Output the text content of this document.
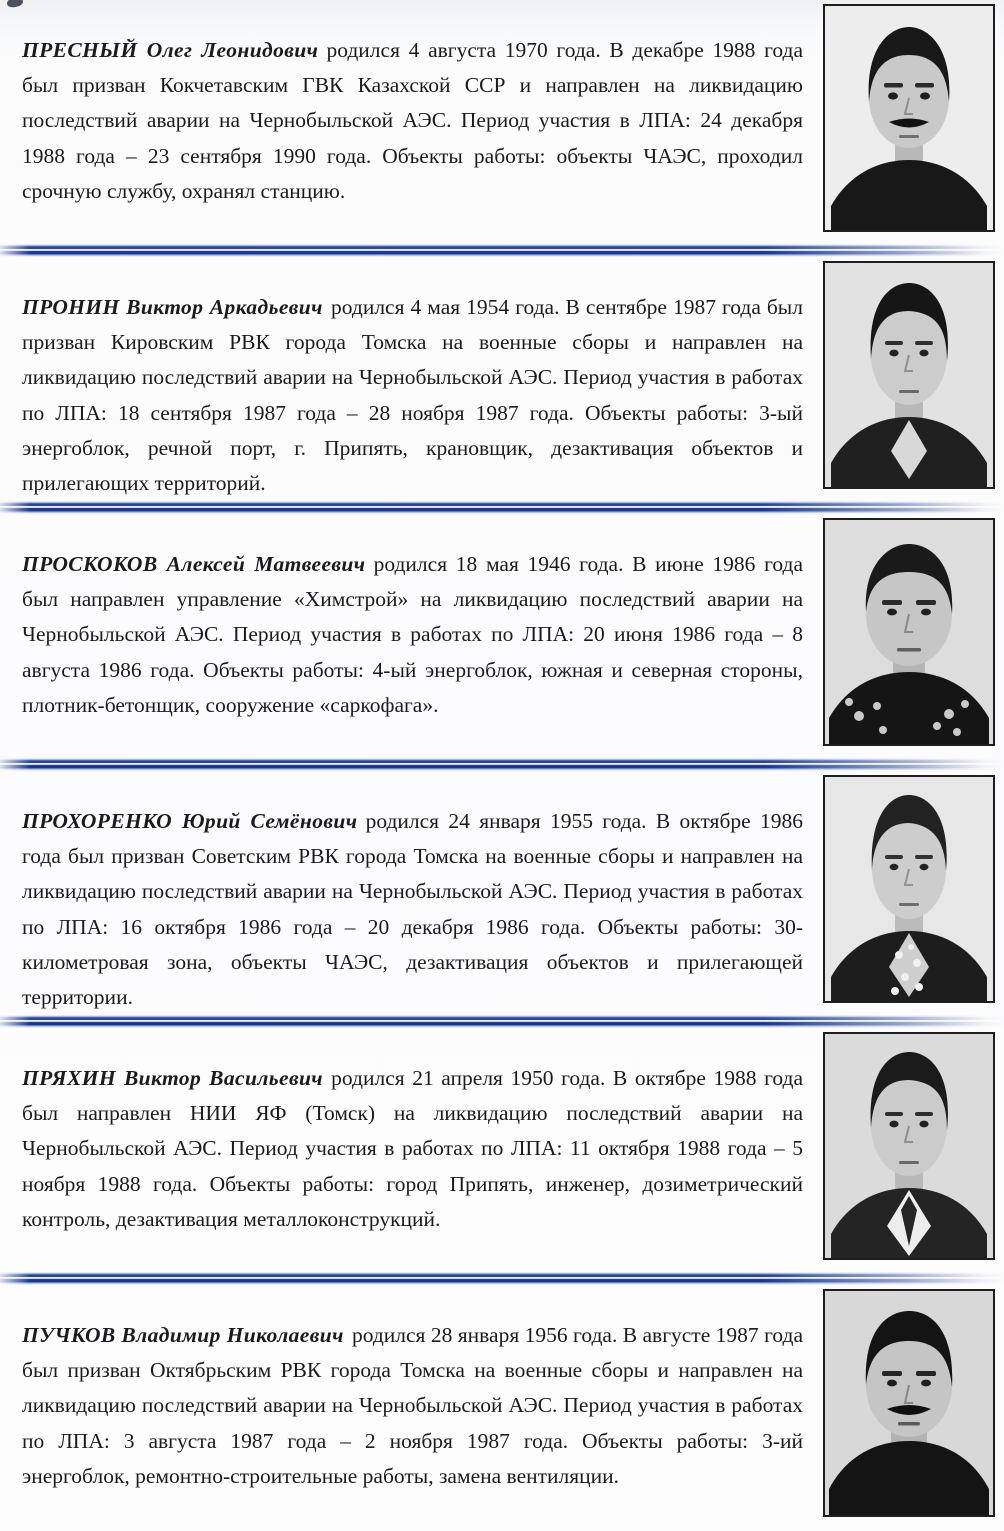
ПРЕСНЫЙ Олег Леонидович родился 4 августа 1970 года. В декабре 1988 года был призван Кокчетавским ГВК Казахской ССР и направлен на ликвидацию последствий аварии на Чернобыльской АЭС. Период участия в ЛПА: 24 декабря 1988 года – 23 сентября 1990 года. Объекты работы: объекты ЧАЭС, проходил срочную службу, охранял станцию.

ПРОНИН Виктор Аркадьевич родился 4 мая 1954 года. В сентябре 1987 года был призван Кировским РВК города Томска на военные сборы и направлен на ликвидацию последствий аварии на Чернобыльской АЭС. Период участия в работах по ЛПА: 18 сентября 1987 года – 28 ноября 1987 года. Объекты работы: 3-ый энергоблок, речной порт, г. Припять, крановщик, дезактивация объектов и прилегающих территорий.

ПРОСКОКОВ Алексей Матвеевич родился 18 мая 1946 года. В июне 1986 года был направлен управление «Химстрой» на ликвидацию последствий аварии на Чернобыльской АЭС. Период участия в работах по ЛПА: 20 июня 1986 года – 8 августа 1986 года. Объекты работы: 4-ый энергоблок, южная и северная стороны, плотник-бетонщик, сооружение «саркофага».

ПРОХОРЕНКО Юрий Семёнович родился 24 января 1955 года. В октябре 1986 года был призван Советским РВК города Томска на военные сборы и направлен на ликвидацию последствий аварии на Чернобыльской АЭС. Период участия в работах по ЛПА: 16 октября 1986 года – 20 декабря 1986 года. Объекты работы: 30-километровая зона, объекты ЧАЭС, дезактивация объектов и прилегающей территории.

ПРЯХИН Виктор Васильевич родился 21 апреля 1950 года. В октябре 1988 года был направлен НИИ ЯФ (Томск) на ликвидацию последствий аварии на Чернобыльской АЭС. Период участия в работах по ЛПА: 11 октября 1988 года – 5 ноября 1988 года. Объекты работы: город Припять, инженер, дозиметрический контроль, дезактивация металлоконструкций.

ПУЧКОВ Владимир Николаевич родился 28 января 1956 года. В августе 1987 года был призван Октябрьским РВК города Томска на военные сборы и направлен на ликвидацию последствий аварии на Чернобыльской АЭС. Период участия в работах по ЛПА: 3 августа 1987 года – 2 ноября 1987 года. Объекты работы: 3-ий энергоблок, ремонтно-строительные работы, замена вентиляции.
